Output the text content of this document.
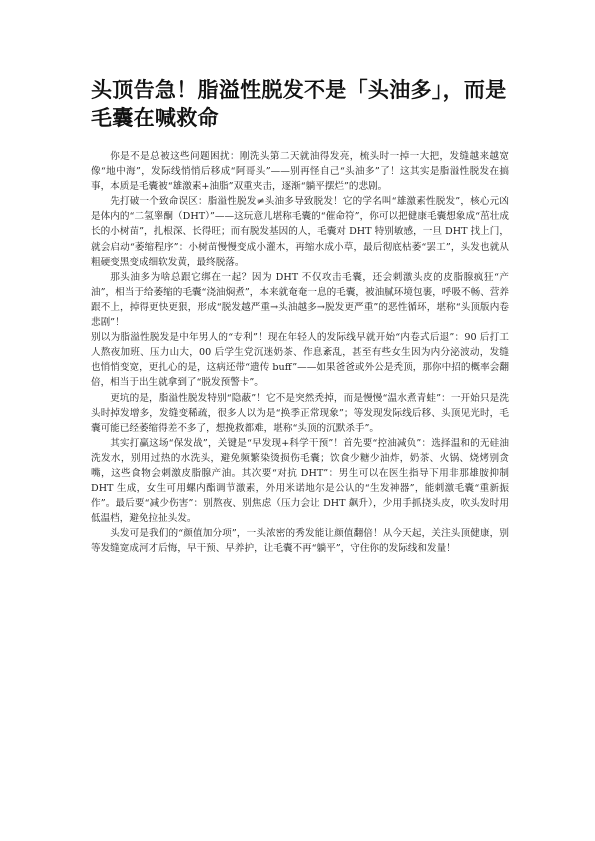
头顶告急！脂溢性脱发不是「头油多」，而是毛囊在喊救命

你是不是总被这些问题困扰：刚洗头第二天就油得发亮，梳头时一掉一大把，发缝越来越宽像“地中海”，发际线悄悄后移成“阿哥头”——别再怪自己“头油多”了！这其实是脂溢性脱发在搞事，本质是毛囊被“雄激素+油脂”双重夹击，逐渐“躺平摆烂”的悲剧。

先打破一个致命误区：脂溢性脱发≠头油多导致脱发！它的学名叫“雄激素性脱发”，核心元凶是体内的“二氢睾酮（DHT）”——这玩意儿堪称毛囊的“催命符”，你可以把健康毛囊想象成“茁壮成长的小树苗”，扎根深、长得旺；而有脱发基因的人，毛囊对 DHT 特别敏感，一旦 DHT 找上门，就会启动“萎缩程序”：小树苗慢慢变成小灌木，再缩水成小草，最后彻底枯萎“罢工”，头发也就从粗硬变黑变成细软发黄，最终脱落。

那头油多为啥总跟它绑在一起？因为 DHT 不仅攻击毛囊，还会刺激头皮的皮脂腺疯狂“产油”，相当于给萎缩的毛囊“浇油焖煮”，本来就奄奄一息的毛囊，被油腻环境包裹，呼吸不畅、营养跟不上，掉得更快更狠，形成“脱发越严重→头油越多→脱发更严重”的恶性循环，堪称“头顶版内卷悲剧”！

别以为脂溢性脱发是中年男人的“专利”！现在年轻人的发际线早就开始“内卷式后退”：90 后打工人熬夜加班、压力山大，00 后学生党沉迷奶茶、作息紊乱，甚至有些女生因为内分泌波动，发缝也悄悄变宽，更扎心的是，这病还带“遗传 buff”——如果爸爸或外公是秃顶，那你中招的概率会翻倍，相当于出生就拿到了“脱发预警卡”。

更坑的是，脂溢性脱发特别“隐蔽”！它不是突然秃掉，而是慢慢“温水煮青蛙”：一开始只是洗头时掉发增多，发缝变稀疏，很多人以为是“换季正常现象”；等发现发际线后移、头顶见光时，毛囊可能已经萎缩得差不多了，想挽救都难，堪称“头顶的沉默杀手”。

其实打赢这场“保发战”，关键是“早发现+科学干预”！首先要“控油减负”：选择温和的无硅油洗发水，别用过热的水洗头，避免频繁染烫损伤毛囊；饮食少糖少油炸，奶茶、火锅、烧烤别贪嘴，这些食物会刺激皮脂腺产油。其次要“对抗 DHT”：男生可以在医生指导下用非那雄胺抑制 DHT 生成，女生可用螺内酯调节激素，外用米诺地尔是公认的“生发神器”，能刺激毛囊“重新振作”。最后要“减少伤害”：别熬夜、别焦虑（压力会让 DHT 飙升），少用手抓挠头皮，吹头发时用低温档，避免拉扯头发。

头发可是我们的“颜值加分项”，一头浓密的秀发能让颜值翻倍！从今天起，关注头顶健康，别等发缝宽成河才后悔，早干预、早养护，让毛囊不再“躺平”，守住你的发际线和发量！
